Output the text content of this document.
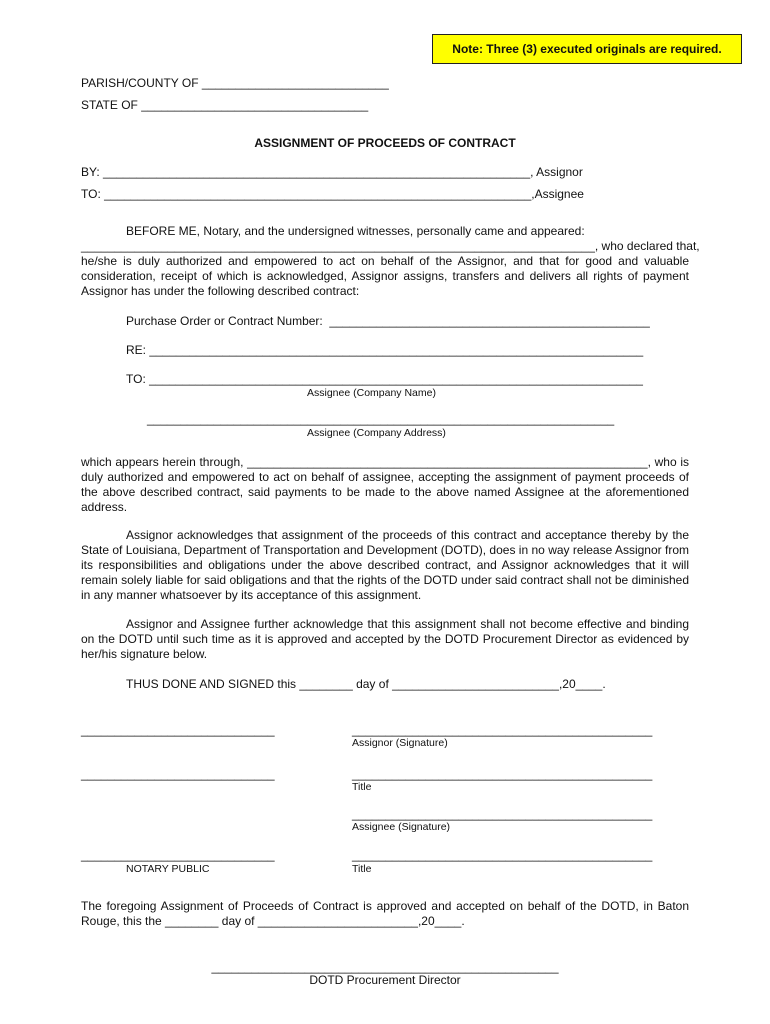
Note: Three (3) executed originals are required.
PARISH/COUNTY OF ____________________________
STATE OF __________________________________
ASSIGNMENT OF PROCEEDS OF CONTRACT
BY: ________________________________________________________________, Assignor
TO: ________________________________________________________________,Assignee
BEFORE ME, Notary, and the undersigned witnesses, personally came and appeared:
_____________________________________________________________________________, who declared that,
he/she is duly authorized and empowered to act on behalf of the Assignor, and that for good and valuable consideration, receipt of which is acknowledged, Assignor assigns, transfers and delivers all rights of payment Assignor has under the following described contract:
Purchase Order or Contract Number:  ________________________________________________
RE: __________________________________________________________________________
TO: __________________________________________________________________________
Assignee (Company Name)
______________________________________________________________________
Assignee (Company Address)
which appears herein through, ____________________________________________________________, who is duly authorized and empowered to act on behalf of assignee, accepting the assignment of payment proceeds of the above described contract, said payments to be made to the above named Assignee at the aforementioned address.
Assignor acknowledges that assignment of the proceeds of this contract and acceptance thereby by the State of Louisiana, Department of Transportation and Development (DOTD), does in no way release Assignor from its responsibilities and obligations under the above described contract, and Assignor acknowledges that it will remain solely liable for said obligations and that the rights of the DOTD under said contract shall not be diminished in any manner whatsoever by its acceptance of this assignment.
Assignor and Assignee further acknowledge that this assignment shall not become effective and binding on the DOTD until such time as it is approved and accepted by the DOTD Procurement Director as evidenced by her/his signature below.
THUS DONE AND SIGNED this ________ day of _________________________,20____.
_____________________________	_____________________________________________
Assignor (Signature)
_____________________________	_____________________________________________
Title
_____________________________________________
Assignee (Signature)
_____________________________	_____________________________________________
NOTARY PUBLIC	Title
The foregoing Assignment of Proceeds of Contract is approved and accepted on behalf of the DOTD, in Baton Rouge, this the ________ day of ________________________,20____.
____________________________________________________
DOTD Procurement Director
